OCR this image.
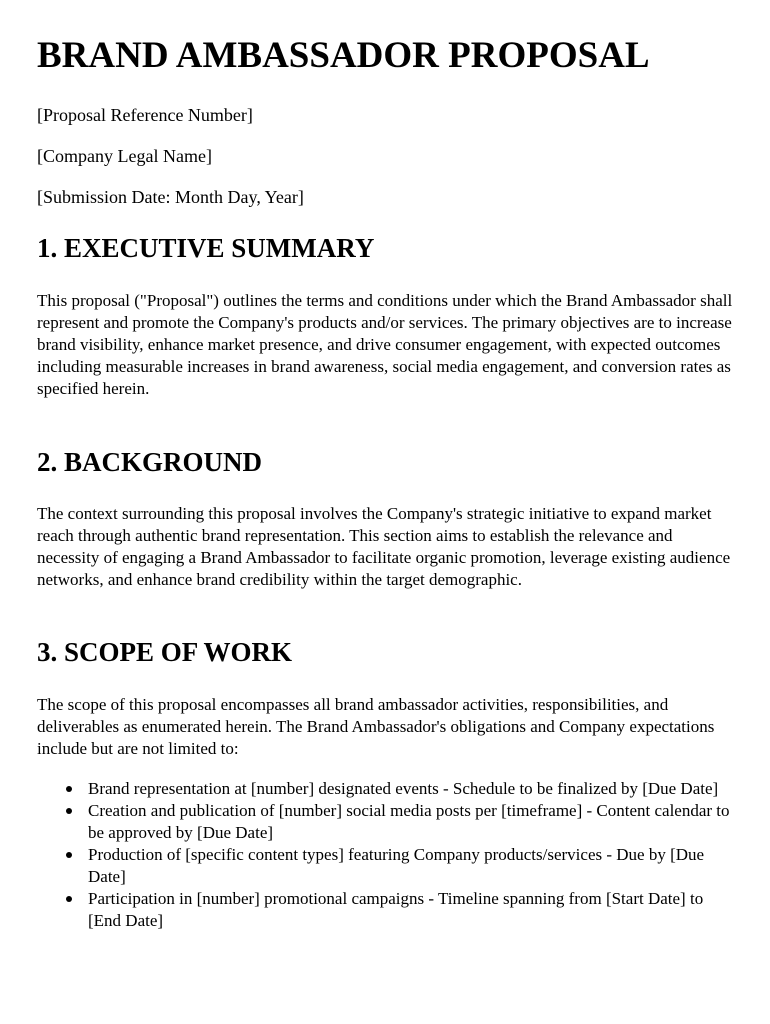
BRAND AMBASSADOR PROPOSAL

[Proposal Reference Number]

[Company Legal Name]

[Submission Date: Month Day, Year]

1. EXECUTIVE SUMMARY

This proposal ("Proposal") outlines the terms and conditions under which the Brand Ambassador shall represent and promote the Company's products and/or services. The primary objectives are to increase brand visibility, enhance market presence, and drive consumer engagement, with expected outcomes including measurable increases in brand awareness, social media engagement, and conversion rates as specified herein.

2. BACKGROUND

The context surrounding this proposal involves the Company's strategic initiative to expand market reach through authentic brand representation. This section aims to establish the relevance and necessity of engaging a Brand Ambassador to facilitate organic promotion, leverage existing audience networks, and enhance brand credibility within the target demographic.

3. SCOPE OF WORK

The scope of this proposal encompasses all brand ambassador activities, responsibilities, and deliverables as enumerated herein. The Brand Ambassador's obligations and Company expectations include but are not limited to:

Brand representation at [number] designated events - Schedule to be finalized by [Due Date]
Creation and publication of [number] social media posts per [timeframe] - Content calendar to be approved by [Due Date]
Production of [specific content types] featuring Company products/services - Due by [Due Date]
Participation in [number] promotional campaigns - Timeline spanning from [Start Date] to [End Date]
